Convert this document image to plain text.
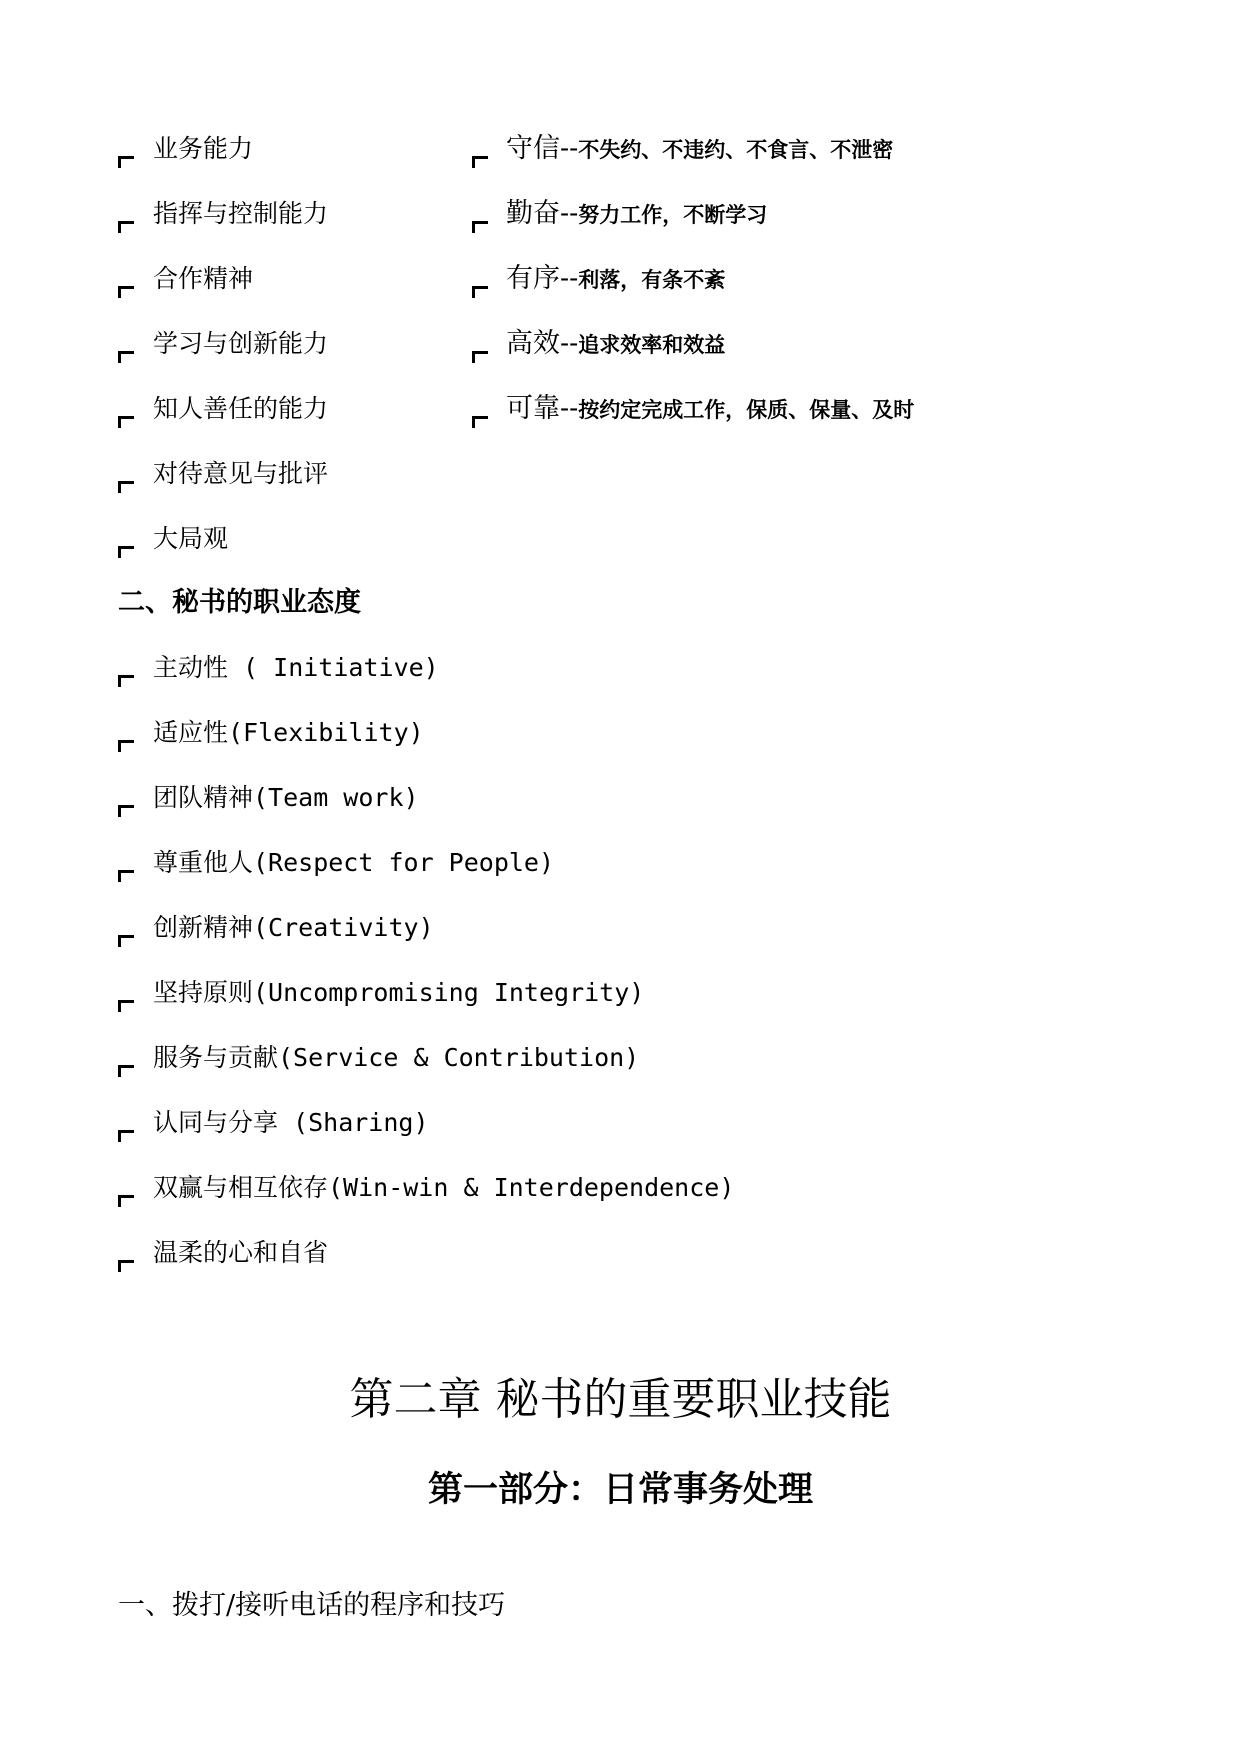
业务能力
指挥与控制能力
合作精神
学习与创新能力
知人善任的能力
对待意见与批评
大局观
守信--不失约、不违约、不食言、不泄密
勤奋--努力工作，不断学习
有序--利落，有条不紊
高效--追求效率和效益
可靠--按约定完成工作，保质、保量、及时
二、秘书的职业态度
主动性 ( Initiative)
适应性(Flexibility)
团队精神(Team work)
尊重他人(Respect for People)
创新精神(Creativity)
坚持原则(Uncompromising Integrity)
服务与贡献(Service & Contribution)
认同与分享 (Sharing)
双赢与相互依存(Win-win & Interdependence)
温柔的心和自省
第二章 秘书的重要职业技能
第一部分：日常事务处理
一、拨打/接听电话的程序和技巧
